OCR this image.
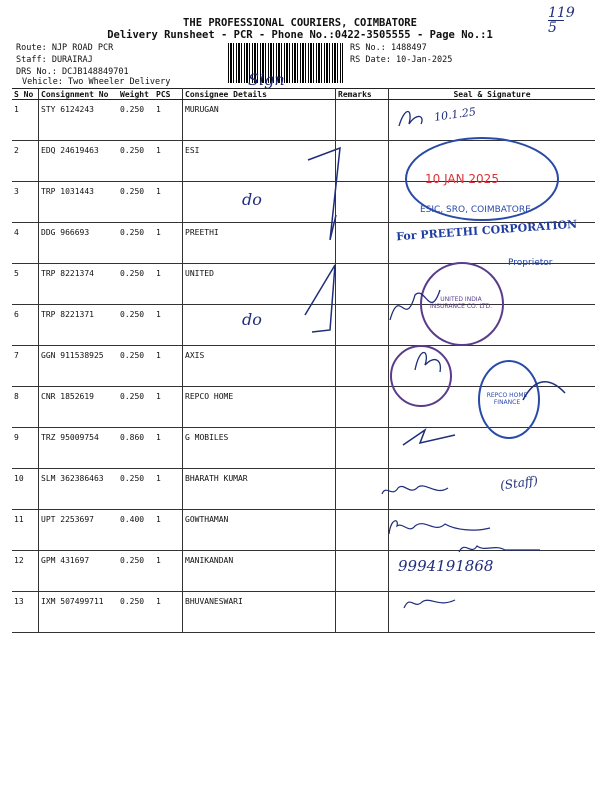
119
5
THE PROFESSIONAL COURIERS, COIMBATORE
Delivery Runsheet - PCR - Phone No.:0422-3505555 - Page No.:1
Route: NJP ROAD PCR
Staff: DURAIRAJ
DRS No.: DCJB148849701
Vehicle: Two Wheeler Delivery	Sign
RS No.: 1488497
RS Date: 10-Jan-2025
S No	Consignment No	Weight	PCS	Consignee Details	Remarks	Seal & Signature
1	STY 6124243	0.250	1	MURUGAN		
2	EDQ 24619463	0.250	1	ESI		
3	TRP 1031443	0.250	1			
4	DDG 966693	0.250	1	PREETHI		
5	TRP 8221374	0.250	1	UNITED		
6	TRP 8221371	0.250	1			
7	GGN 911538925	0.250	1	AXIS		
8	CNR 1852619	0.250	1	REPCO HOME		
9	TRZ 95009754	0.860	1	G MOBILES		
10	SLM 362386463	0.250	1	BHARATH KUMAR		
11	UPT 2253697	0.400	1	GOWTHAMAN		
12	GPM 431697	0.250	1	MANIKANDAN		
13	IXM 507499711	0.250	1	BHUVANESWARI		
do
do
10.1.25
ESIC, SRO, COIMBATORE
10 JAN 2025
For PREETHI CORPORATION
Proprietor
UNITED INDIA INSURANCE CO. LTD.
REPCO HOME FINANCE
(Staff)
9994191868
